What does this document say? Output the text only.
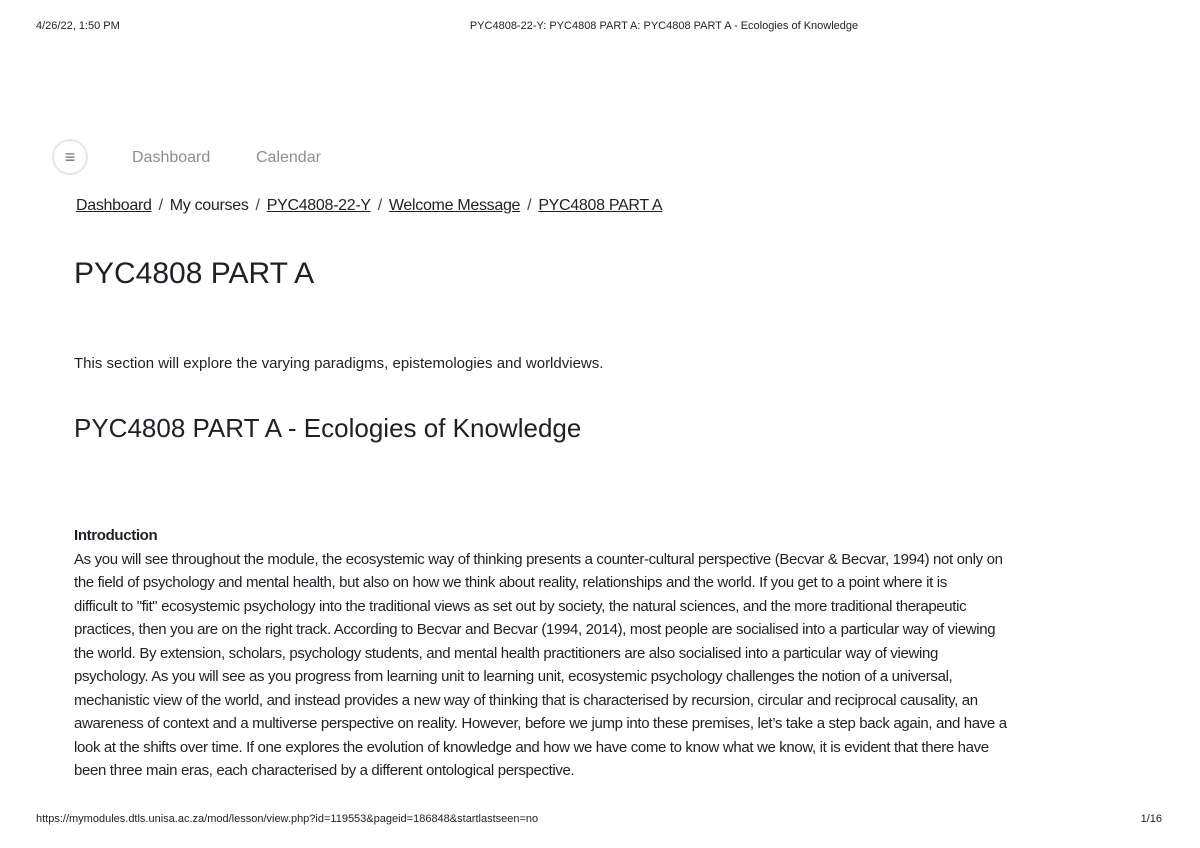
4/26/22, 1:50 PM	PYC4808-22-Y: PYC4808 PART A: PYC4808 PART A - Ecologies of Knowledge
≡	Dashboard	Calendar
Dashboard / My courses / PYC4808-22-Y / Welcome Message / PYC4808 PART A
PYC4808 PART A
This section will explore the varying paradigms, epistemologies and worldviews.
PYC4808 PART A - Ecologies of Knowledge
Introduction
As you will see throughout the module, the ecosystemic way of thinking presents a counter-cultural perspective (Becvar & Becvar, 1994) not only on
the field of psychology and mental health, but also on how we think about reality, relationships and the world. If you get to a point where it is
difficult to "fit" ecosystemic psychology into the traditional views as set out by society, the natural sciences, and the more traditional therapeutic
practices, then you are on the right track. According to Becvar and Becvar (1994, 2014), most people are socialised into a particular way of viewing
the world. By extension, scholars, psychology students, and mental health practitioners are also socialised into a particular way of viewing
psychology. As you will see as you progress from learning unit to learning unit, ecosystemic psychology challenges the notion of a universal,
mechanistic view of the world, and instead provides a new way of thinking that is characterised by recursion, circular and reciprocal causality, an
awareness of context and a multiverse perspective on reality. However, before we jump into these premises, let’s take a step back again, and have a
look at the shifts over time. If one explores the evolution of knowledge and how we have come to know what we know, it is evident that there have
been three main eras, each characterised by a different ontological perspective.
https://mymodules.dtls.unisa.ac.za/mod/lesson/view.php?id=119553&pageid=186848&startlastseen=no	1/16
